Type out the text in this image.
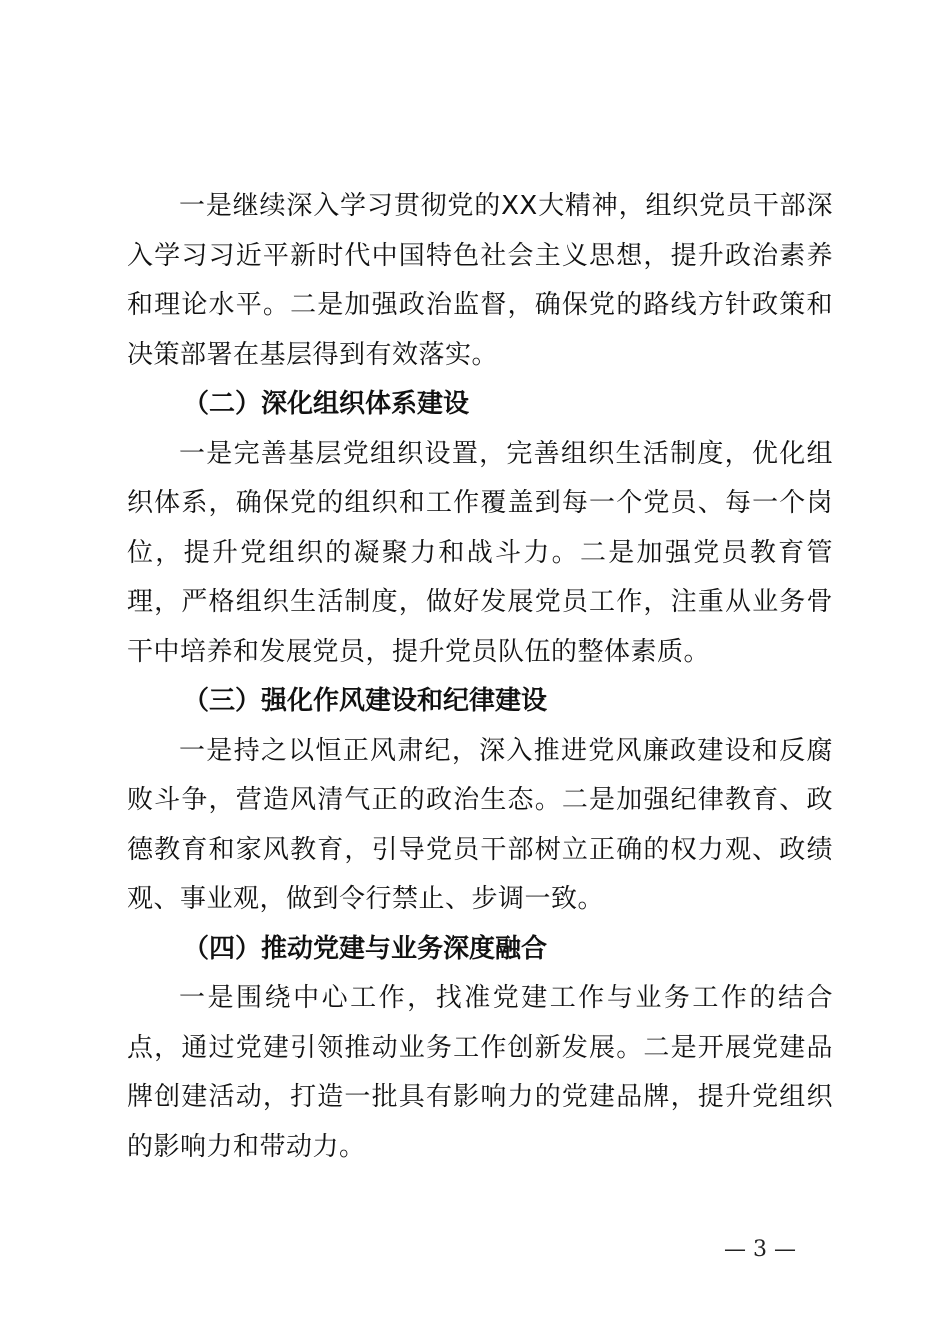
一是继续深入学习贯彻党的XX大精神，组织党员干部深入学习习近平新时代中国特色社会主义思想，提升政治素养和理论水平。二是加强政治监督，确保党的路线方针政策和决策部署在基层得到有效落实。

（二）深化组织体系建设

一是完善基层党组织设置，完善组织生活制度，优化组织体系，确保党的组织和工作覆盖到每一个党员、每一个岗位，提升党组织的凝聚力和战斗力。二是加强党员教育管理，严格组织生活制度，做好发展党员工作，注重从业务骨干中培养和发展党员，提升党员队伍的整体素质。

（三）强化作风建设和纪律建设

一是持之以恒正风肃纪，深入推进党风廉政建设和反腐败斗争，营造风清气正的政治生态。二是加强纪律教育、政德教育和家风教育，引导党员干部树立正确的权力观、政绩观、事业观，做到令行禁止、步调一致。

（四）推动党建与业务深度融合

一是围绕中心工作，找准党建工作与业务工作的结合点，通过党建引领推动业务工作创新发展。二是开展党建品牌创建活动，打造一批具有影响力的党建品牌，提升党组织的影响力和带动力。

— 3 —
